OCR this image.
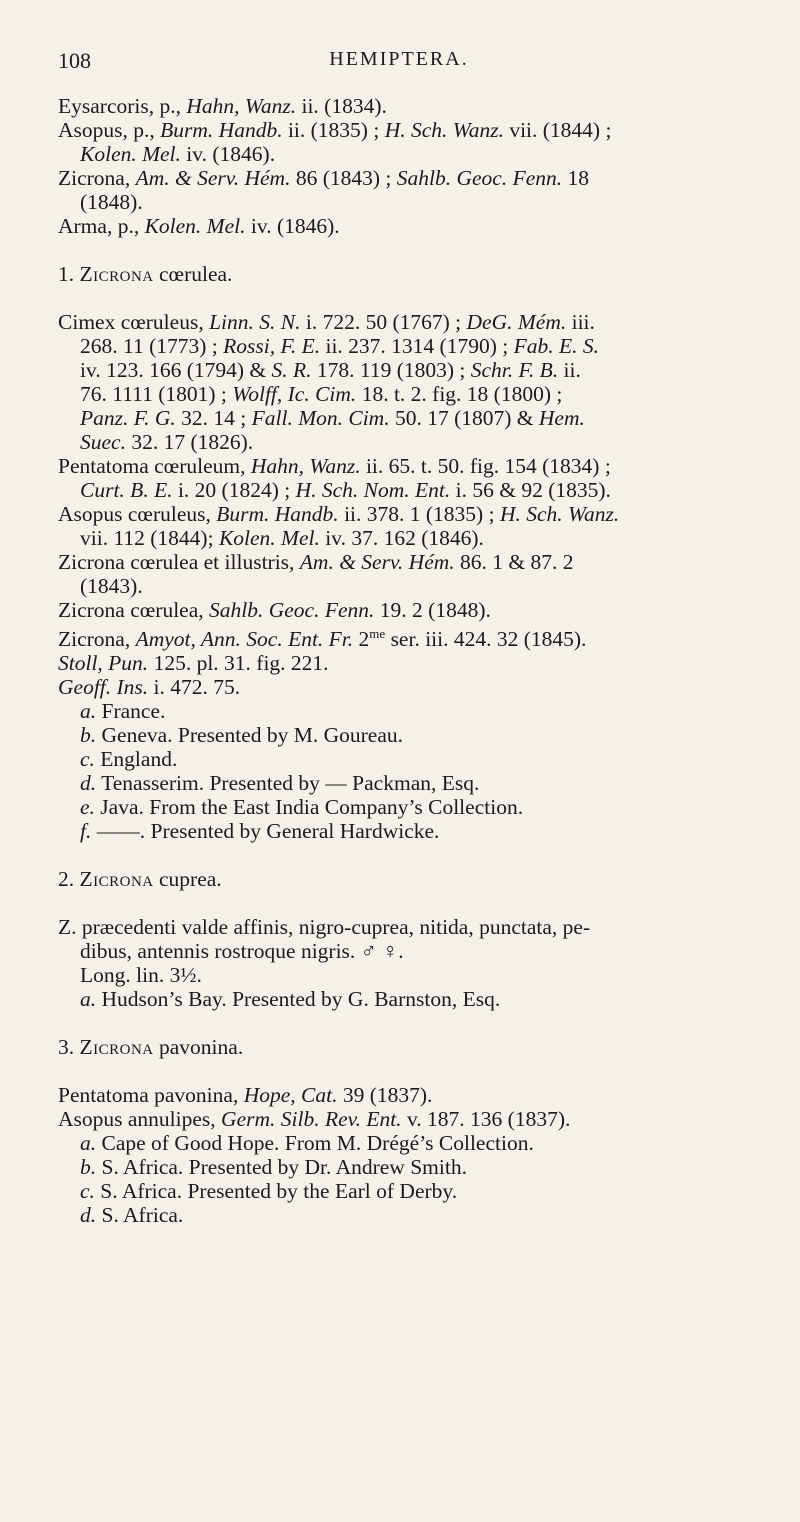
108	HEMIPTERA.
Eysarcoris, p., Hahn, Wanz. ii. (1834).
Asopus, p., Burm. Handb. ii. (1835) ; H. Sch. Wanz. vii. (1844) ;
Kolen. Mel. iv. (1846).
Zicrona, Am. & Serv. Hém. 86 (1843) ; Sahlb. Geoc. Fenn. 18
(1848).
Arma, p., Kolen. Mel. iv. (1846).
1. Zicrona cœrulea.
Cimex cœruleus, Linn. S. N. i. 722. 50 (1767) ; DeG. Mém. iii.
268. 11 (1773) ; Rossi, F. E. ii. 237. 1314 (1790) ; Fab. E. S.
iv. 123. 166 (1794) & S. R. 178. 119 (1803) ; Schr. F. B. ii.
76. 1111 (1801) ; Wolff, Ic. Cim. 18. t. 2. fig. 18 (1800) ;
Panz. F. G. 32. 14 ; Fall. Mon. Cim. 50. 17 (1807) & Hem.
Suec. 32. 17 (1826).
Pentatoma cœruleum, Hahn, Wanz. ii. 65. t. 50. fig. 154 (1834) ;
Curt. B. E. i. 20 (1824) ; H. Sch. Nom. Ent. i. 56 & 92 (1835).
Asopus cœruleus, Burm. Handb. ii. 378. 1 (1835) ; H. Sch. Wanz.
vii. 112 (1844); Kolen. Mel. iv. 37. 162 (1846).
Zicrona cœrulea et illustris, Am. & Serv. Hém. 86. 1 & 87. 2
(1843).
Zicrona cœrulea, Sahlb. Geoc. Fenn. 19. 2 (1848).
Zicrona, Amyot, Ann. Soc. Ent. Fr. $2^{me}$ ser. iii. 424. 32 (1845).
Stoll, Pun. 125. pl. 31. fig. 221.
Geoff. Ins. i. 472. 75.
a. France.
b. Geneva. Presented by M. Goureau.
c. England.
d. Tenasserim. Presented by — Packman, Esq.
e. Java. From the East India Company’s Collection.
f. ——. Presented by General Hardwicke.
2. Zicrona cuprea.
Z. præcedenti valde affinis, nigro-cuprea, nitida, punctata, pe-
dibus, antennis rostroque nigris. ♂ ♀.
Long. lin. 3½.
a. Hudson’s Bay. Presented by G. Barnston, Esq.
3. Zicrona pavonina.
Pentatoma pavonina, Hope, Cat. 39 (1837).
Asopus annulipes, Germ. Silb. Rev. Ent. v. 187. 136 (1837).
a. Cape of Good Hope. From M. Drégé’s Collection.
b. S. Africa. Presented by Dr. Andrew Smith.
c. S. Africa. Presented by the Earl of Derby.
d. S. Africa.
